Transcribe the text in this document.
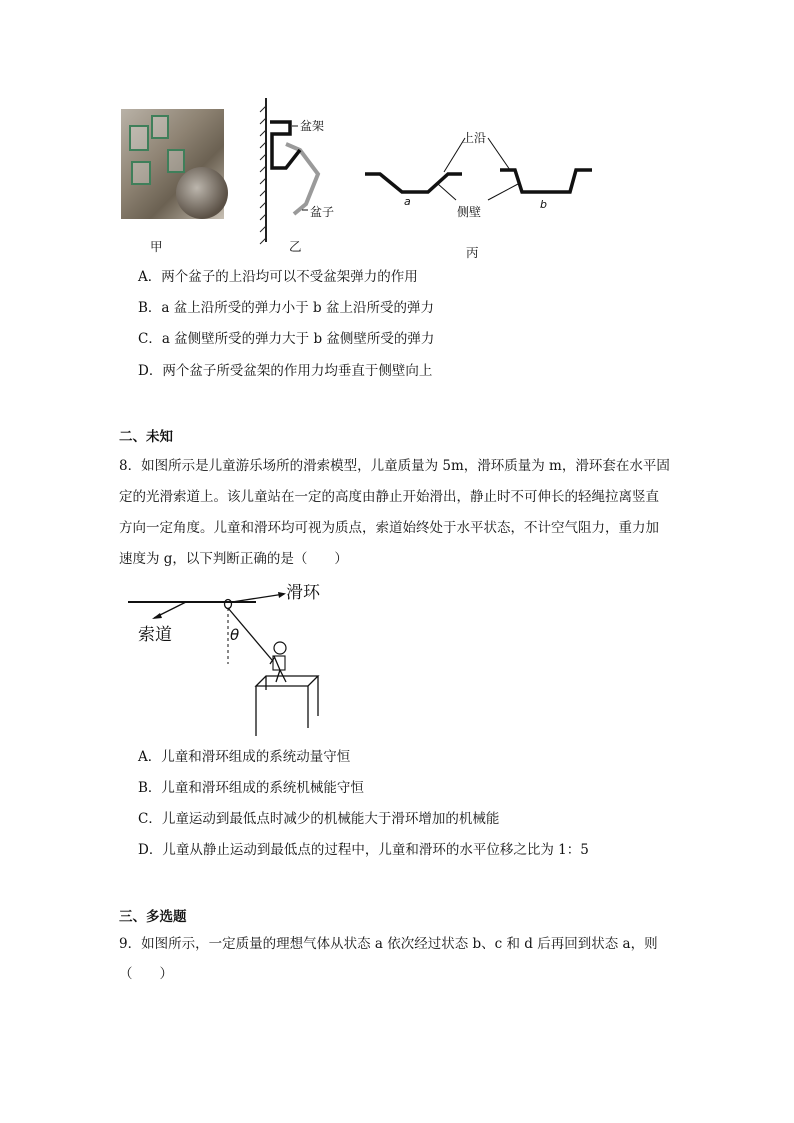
甲
盆架
盆子
乙
上沿
侧壁
a	b
丙
A．两个盆子的上沿均可以不受盆架弹力的作用
B．a 盆上沿所受的弹力小于 b 盆上沿所受的弹力
C．a 盆侧壁所受的弹力大于 b 盆侧壁所受的弹力
D．两个盆子所受盆架的作用力均垂直于侧壁向上
二、未知
8．如图所示是儿童游乐场所的滑索模型，儿童质量为 5m，滑环质量为 m，滑环套在水平固
定的光滑索道上。该儿童站在一定的高度由静止开始滑出，静止时不可伸长的轻绳拉离竖直
方向一定角度。儿童和滑环均可视为质点，索道始终处于水平状态，不计空气阻力，重力加
速度为 g，以下判断正确的是（　　）
滑环
索道	θ
A．儿童和滑环组成的系统动量守恒
B．儿童和滑环组成的系统机械能守恒
C．儿童运动到最低点时减少的机械能大于滑环增加的机械能
D．儿童从静止运动到最低点的过程中，儿童和滑环的水平位移之比为 1：5
三、多选题
9．如图所示，一定质量的理想气体从状态 a 依次经过状态 b、c 和 d 后再回到状态 a，则
（　　）
